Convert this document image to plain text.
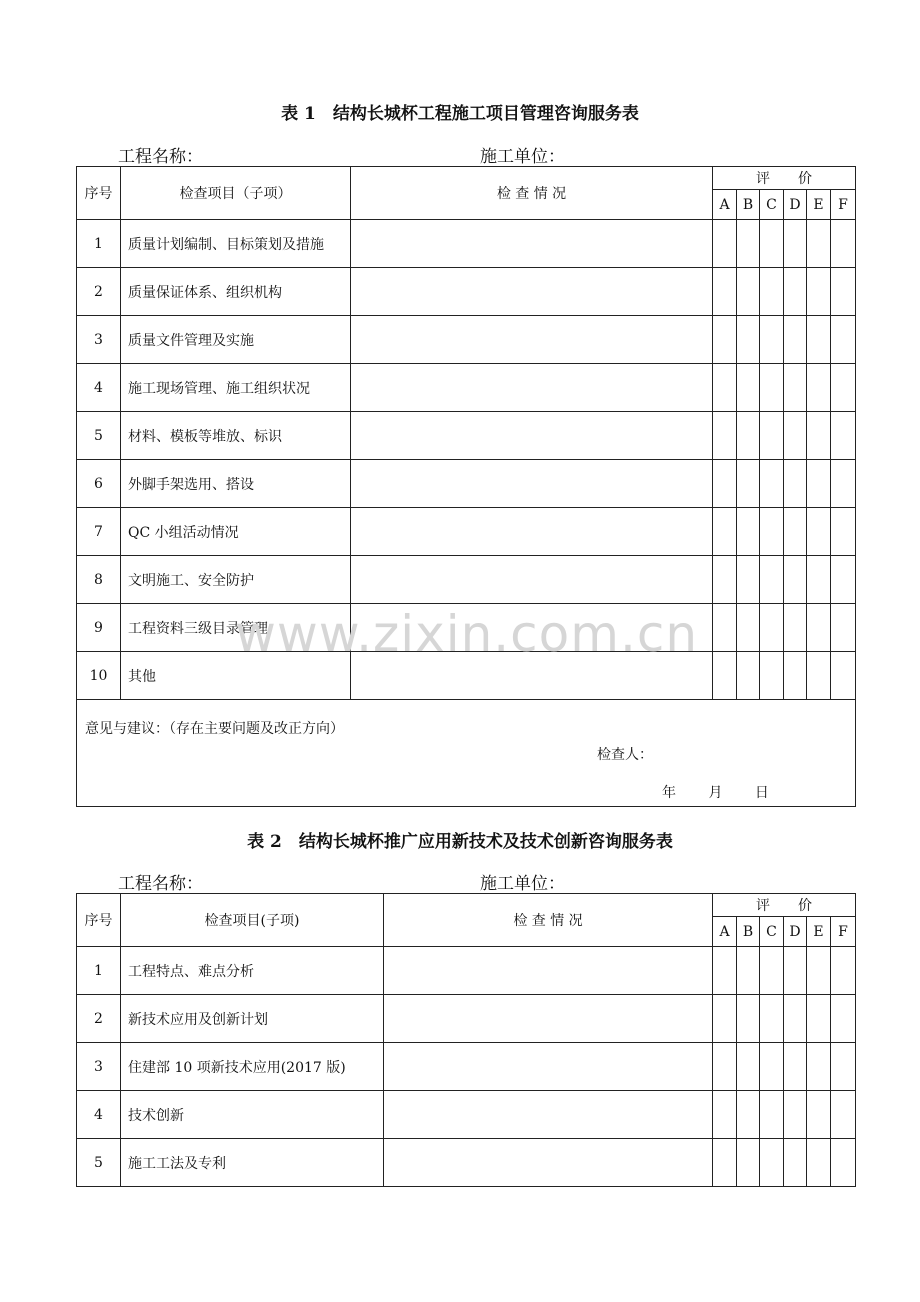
表 1　结构长城杯工程施工项目管理咨询服务表
工程名称：	施工单位：
序号	检查项目（子项）	检 查 情 况	评　　价					
			A	B	C	D	E	F
1	质量计划编制、目标策划及措施							
2	质量保证体系、组织机构							
3	质量文件管理及实施							
4	施工现场管理、施工组织状况							
5	材料、模板等堆放、标识							
6	外脚手架选用、搭设							
7	QC 小组活动情况							
8	文明施工、安全防护							
9	工程资料三级目录管理							
10	其他							

意见与建议：（存在主要问题及改正方向）
检查人：
年 月 日								
表 2　结构长城杯推广应用新技术及技术创新咨询服务表
工程名称：	施工单位：
序号	检查项目(子项)	检 查 情 况	评　　价					
			A	B	C	D	E	F
1	工程特点、难点分析							
2	新技术应用及创新计划							
3	住建部 10 项新技术应用(2017 版)							
4	技术创新							
5	施工工法及专利							
www.zixin.com.cn
